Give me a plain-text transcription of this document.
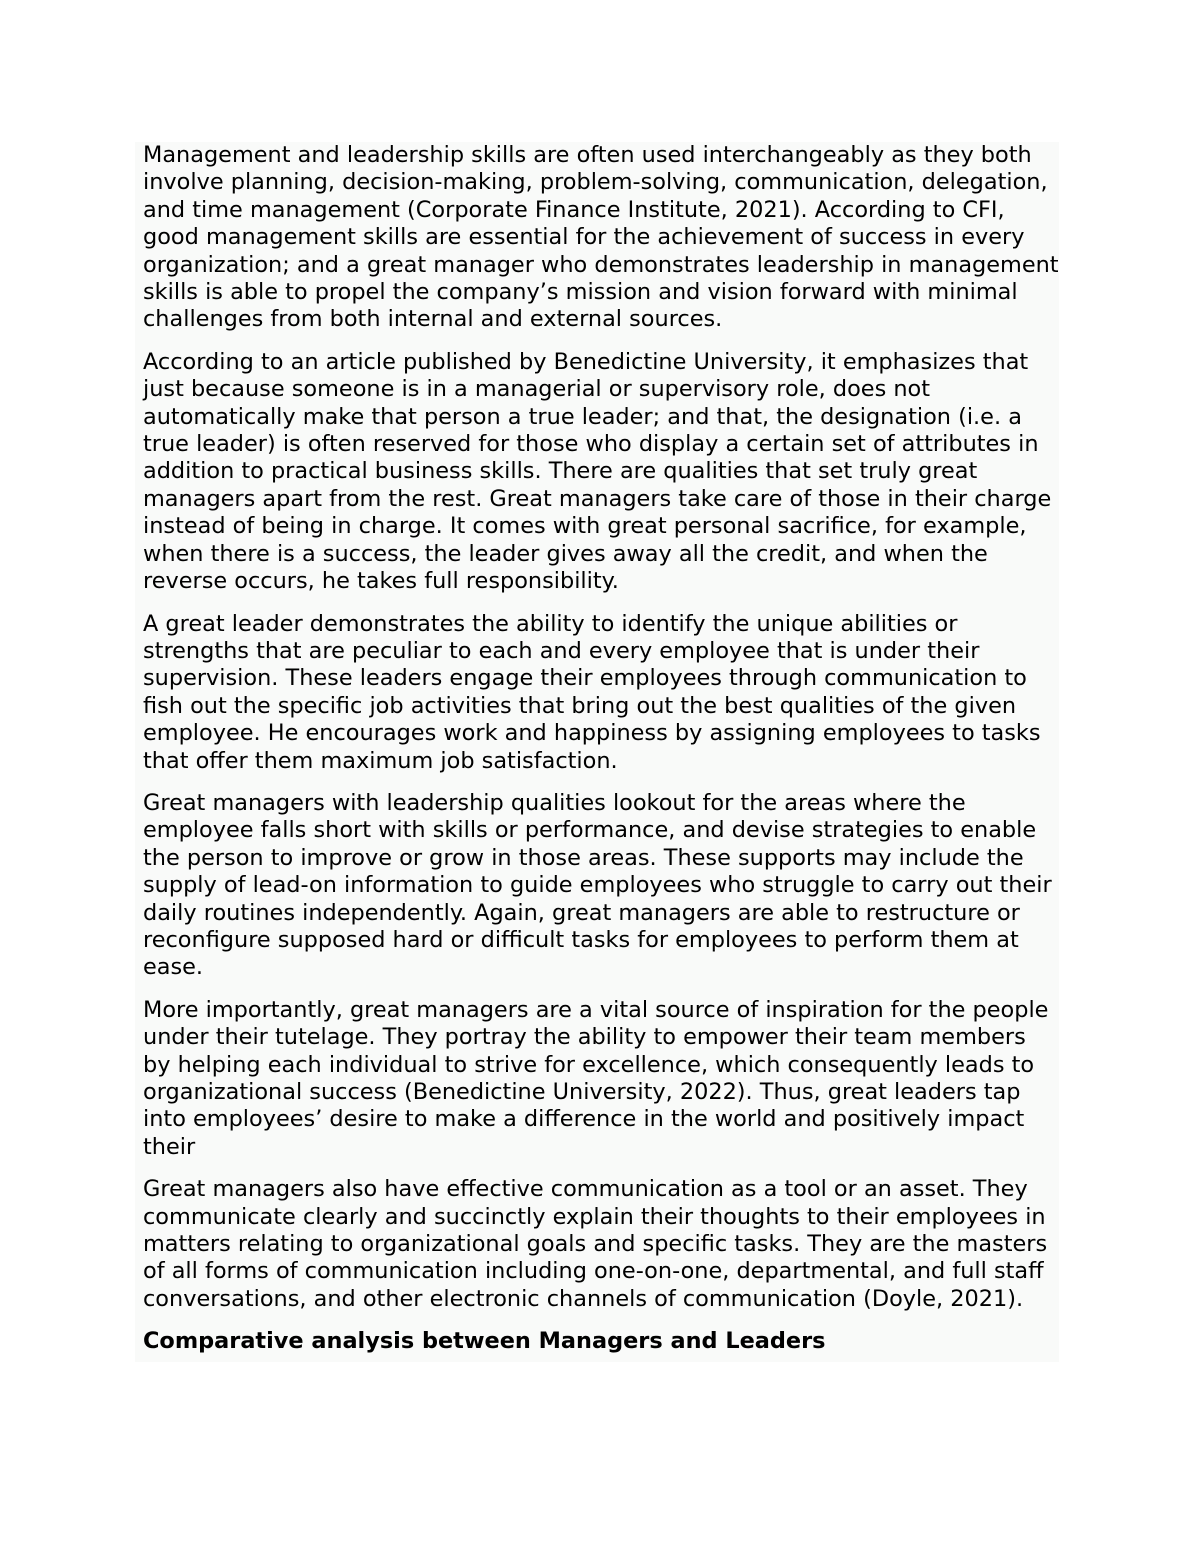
Management and leadership skills are often used interchangeably as they both involve planning, decision-making, problem-solving, communication, delegation, and time management (Corporate Finance Institute, 2021). According to CFI, good management skills are essential for the achievement of success in every organization; and a great manager who demonstrates leadership in management skills is able to propel the company’s mission and vision forward with minimal challenges from both internal and external sources.

According to an article published by Benedictine University, it emphasizes that just because someone is in a managerial or supervisory role, does not automatically make that person a true leader; and that, the designation (i.e. a true leader) is often reserved for those who display a certain set of attributes in addition to practical business skills. There are qualities that set truly great managers apart from the rest. Great managers take care of those in their charge instead of being in charge. It comes with great personal sacrifice, for example, when there is a success, the leader gives away all the credit, and when the reverse occurs, he takes full responsibility.

A great leader demonstrates the ability to identify the unique abilities or strengths that are peculiar to each and every employee that is under their supervision. These leaders engage their employees through communication to fish out the specific job activities that bring out the best qualities of the given employee. He encourages work and happiness by assigning employees to tasks that offer them maximum job satisfaction.

Great managers with leadership qualities lookout for the areas where the employee falls short with skills or performance, and devise strategies to enable the person to improve or grow in those areas. These supports may include the supply of lead-on information to guide employees who struggle to carry out their daily routines independently. Again, great managers are able to restructure or reconfigure supposed hard or difficult tasks for employees to perform them at ease.

More importantly, great managers are a vital source of inspiration for the people under their tutelage. They portray the ability to empower their team members by helping each individual to strive for excellence, which consequently leads to organizational success (Benedictine University, 2022). Thus, great leaders tap into employees’ desire to make a difference in the world and positively impact their

Great managers also have effective communication as a tool or an asset. They communicate clearly and succinctly explain their thoughts to their employees in matters relating to organizational goals and specific tasks. They are the masters of all forms of communication including one-on-one, departmental, and full staff conversations, and other electronic channels of communication (Doyle, 2021).

Comparative analysis between Managers and Leaders
